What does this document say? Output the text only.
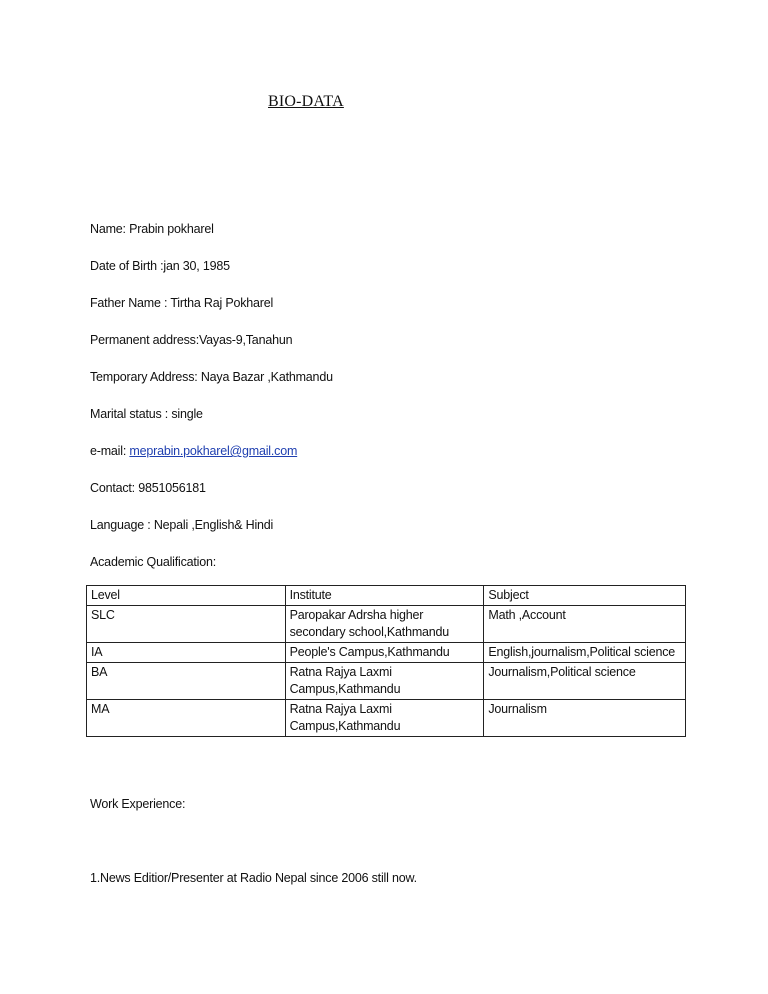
BIO-DATA
Name: Prabin pokharel
Date of Birth :jan 30, 1985
Father Name : Tirtha Raj Pokharel
Permanent address:Vayas-9,Tanahun
Temporary Address: Naya Bazar ,Kathmandu
Marital status : single
e-mail: meprabin.pokharel@gmail.com
Contact: 9851056181
Language : Nepali ,English& Hindi
Academic Qualification:
Level	Institute	Subject
SLC	Paropakar Adrsha higher secondary school,Kathmandu	Math ,Account
IA	People's Campus,Kathmandu	English,journalism,Political science
BA	Ratna Rajya Laxmi Campus,Kathmandu	Journalism,Political science
MA	Ratna Rajya Laxmi Campus,Kathmandu	Journalism
Work Experience:
1.News Editior/Presenter at Radio Nepal since 2006 still now.
